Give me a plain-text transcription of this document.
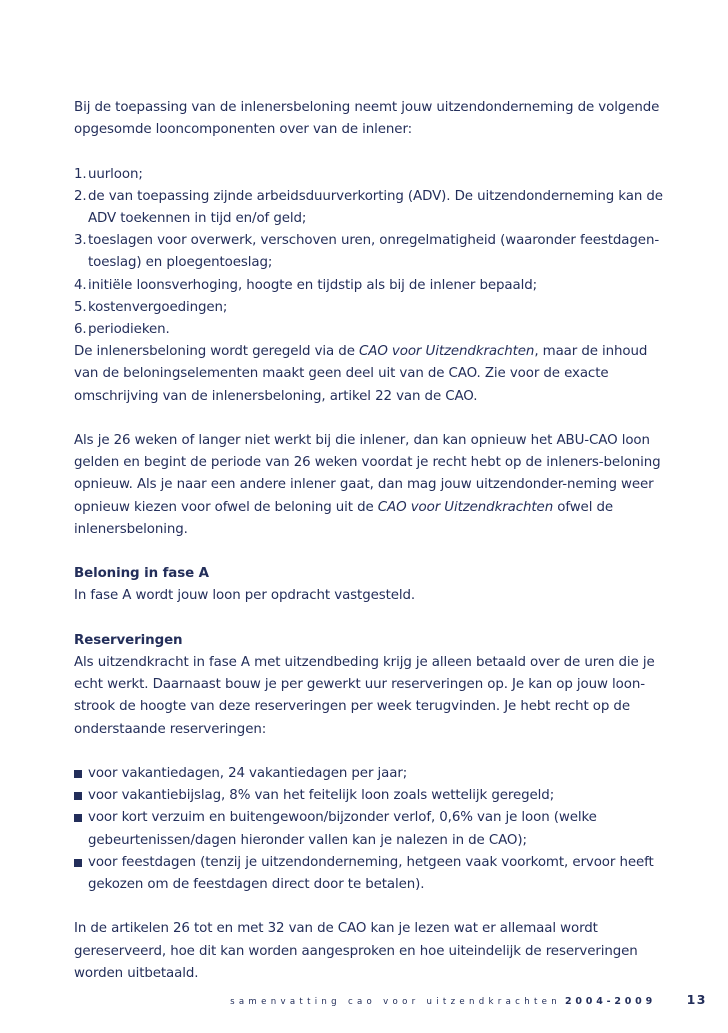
Bij de toepassing van de inlenersbeloning neemt jouw uitzendonderneming de volgende opgesomde looncomponenten over van de inlener:

1. uurloon;
2. de van toepassing zijnde arbeidsduurverkorting (ADV). De uitzendonderneming kan de ADV toekennen in tijd en/of geld;
3. toeslagen voor overwerk, verschoven uren, onregelmatigheid (waaronder feestdagen-toeslag) en ploegentoeslag;
4. initiële loonsverhoging, hoogte en tijdstip als bij de inlener bepaald;
5. kostenvergoedingen;
6. periodieken.

De inlenersbeloning wordt geregeld via de CAO voor Uitzendkrachten, maar de inhoud van de beloningselementen maakt geen deel uit van de CAO. Zie voor de exacte omschrijving van de inlenersbeloning, artikel 22 van de CAO.

Als je 26 weken of langer niet werkt bij die inlener, dan kan opnieuw het ABU-CAO loon gelden en begint de periode van 26 weken voordat je recht hebt op de inleners-beloning opnieuw. Als je naar een andere inlener gaat, dan mag jouw uitzendonder-neming weer opnieuw kiezen voor ofwel de beloning uit de CAO voor Uitzendkrachten ofwel de inlenersbeloning.

Beloning in fase A

In fase A wordt jouw loon per opdracht vastgesteld.

Reserveringen

Als uitzendkracht in fase A met uitzendbeding krijg je alleen betaald over de uren die je echt werkt. Daarnaast bouw je per gewerkt uur reserveringen op. Je kan op jouw loon-strook de hoogte van deze reserveringen per week terugvinden. Je hebt recht op de onderstaande reserveringen:

voor vakantiedagen, 24 vakantiedagen per jaar;
voor vakantiebijslag, 8% van het feitelijk loon zoals wettelijk geregeld;
voor kort verzuim en buitengewoon/bijzonder verlof, 0,6% van je loon (welke gebeurtenissen/dagen hieronder vallen kan je nalezen in de CAO);
voor feestdagen (tenzij je uitzendonderneming, hetgeen vaak voorkomt, ervoor heeft gekozen om de feestdagen direct door te betalen).

In de artikelen 26 tot en met 32 van de CAO kan je lezen wat er allemaal wordt gereserveerd, hoe dit kan worden aangesproken en hoe uiteindelijk de reserveringen worden uitbetaald.

samenvatting cao voor uitzendkrachten 2004-2009 13
